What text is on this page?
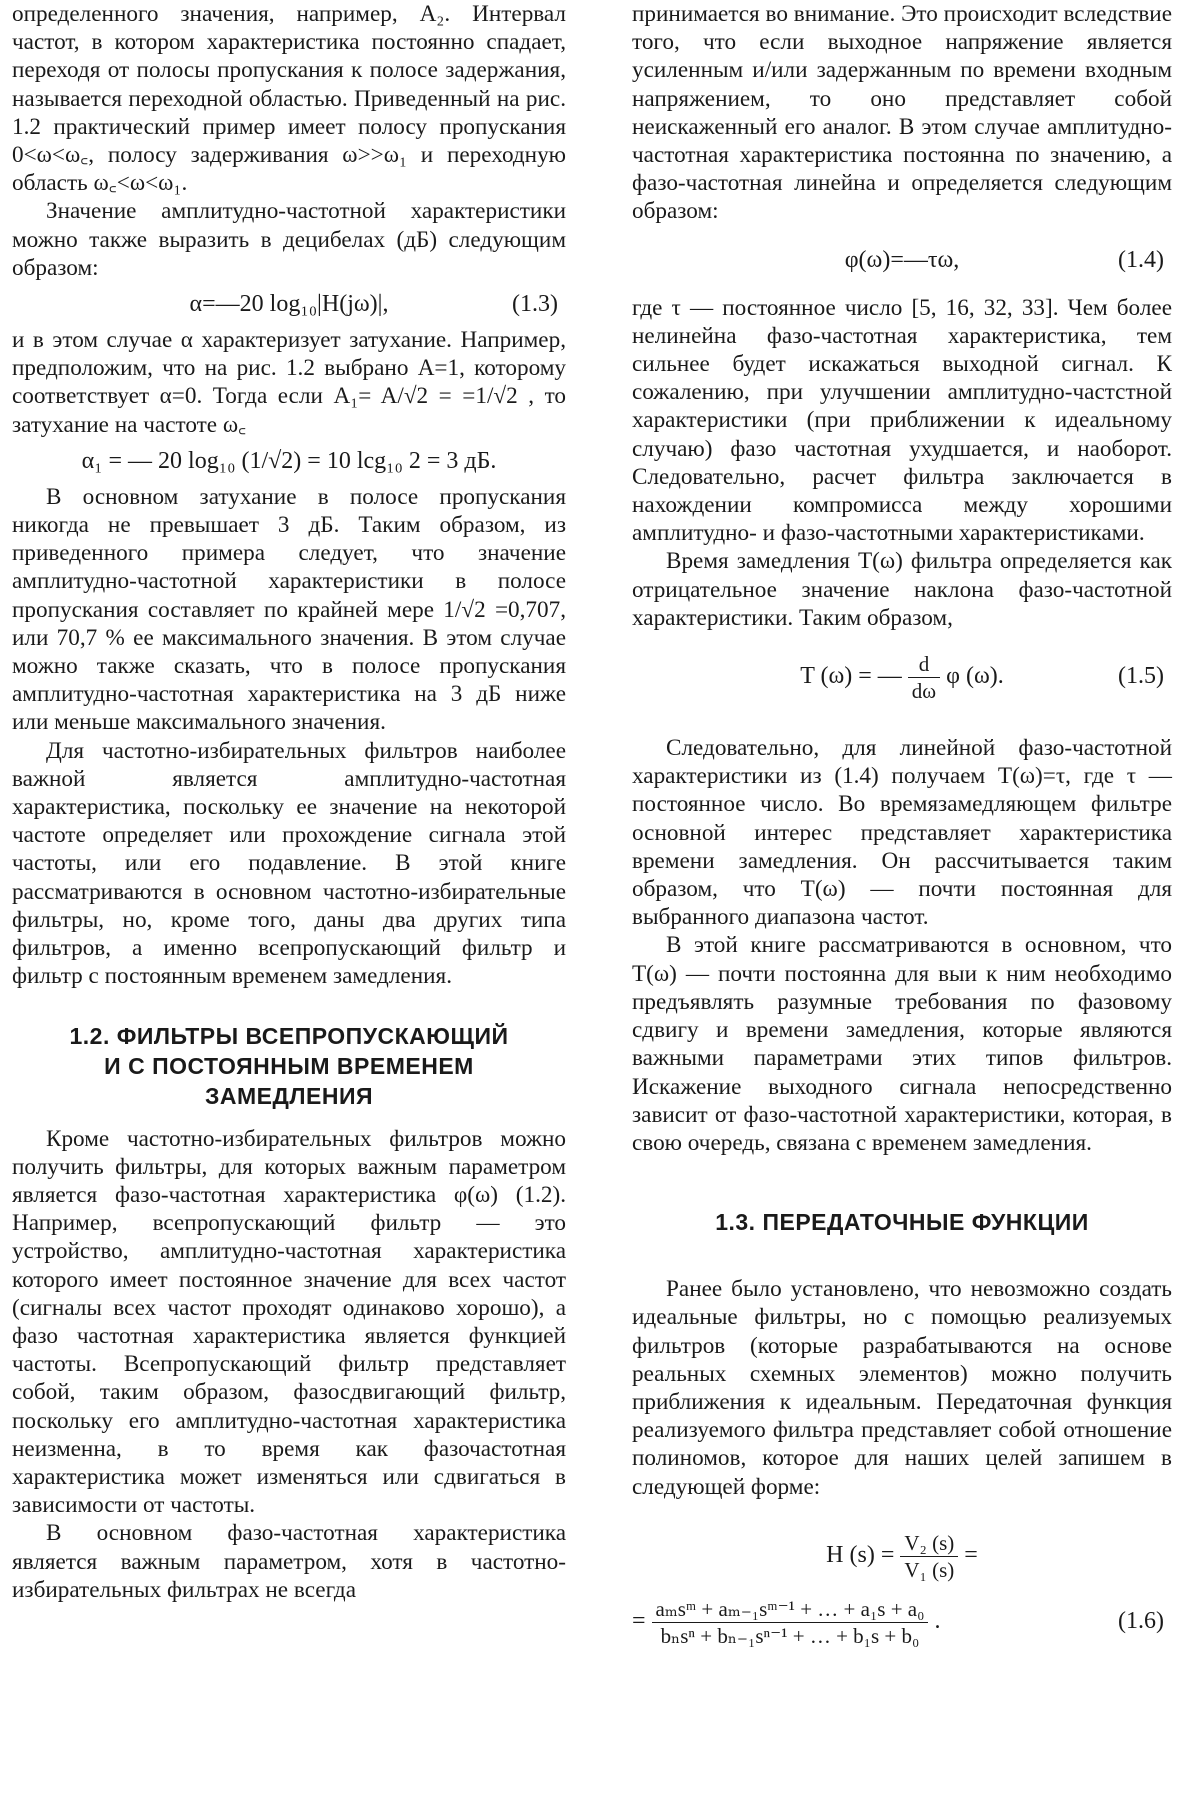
определенного значения, например, A₂. Интервал частот, в котором характеристика постоянно спадает, переходя от полосы пропускания к полосе задержания, называется переходной областью. Приведенный на рис. 1.2 практический пример имеет полосу пропускания 0<ω<ω꜀, полосу задерживания ω>>ω₁ и переходную область ω꜀<ω<ω₁.

Значение амплитудно-частотной характеристики можно также выразить в децибелах (дБ) следующим образом:

α=—20 log₁₀|H(jω)|,	(1.3)

и в этом случае α характеризует затухание. Например, предположим, что на рис. 1.2 выбрано A=1, которому соответствует α=0. Тогда если A₁= A/√2 = =1/√2 , то затухание на частоте ω꜀

α₁ = — 20 log₁₀ (1/√2) = 10 lcg₁₀ 2 = 3 дБ.

В основном затухание в полосе пропускания никогда не превышает 3 дБ. Таким образом, из приведенного примера следует, что значение амплитудно-частотной характеристики в полосе пропускания составляет по крайней мере 1/√2 =0,707, или 70,7 % ее максимального значения. В этом случае можно также сказать, что в полосе пропускания амплитудно-частотная характеристика на 3 дБ ниже или меньше максимального значения.

Для частотно-избирательных фильтров наиболее важной является амплитудно-частотная характеристика, поскольку ее значение на некоторой частоте определяет или прохождение сигнала этой частоты, или его подавление. В этой книге рассматриваются в основном частотно-избирательные фильтры, но, кроме того, даны два других типа фильтров, а именно всепропускающий фильтр и фильтр с постоянным временем замедления.

1.2. ФИЛЬТРЫ ВСЕПРОПУСКАЮЩИЙ
И С ПОСТОЯННЫМ ВРЕМЕНЕМ
ЗАМЕДЛЕНИЯ

Кроме частотно-избирательных фильтров можно получить фильтры, для которых важным параметром является фазо-частотная характеристика φ(ω) (1.2). Например, всепропускающий фильтр — это устройство, амплитудно-частотная характеристика которого имеет постоянное значение для всех частот (сигналы всех частот проходят одинаково хорошо), а фазо частотная характеристика является функцией частоты. Всепропускающий фильтр представляет собой, таким образом, фазосдвигающий фильтр, поскольку его амплитудно-частотная характеристика неизменна, в то время как фазочастотная характеристика может изменяться или сдвигаться в зависимости от частоты.

В основном фазо-частотная характеристика является важным параметром, хотя в частотно-избирательных фильтрах не всегда

принимается во внимание. Это происходит вследствие того, что если выходное напряжение является усиленным и/или задержанным по времени входным напряжением, то оно представляет собой неискаженный его аналог. В этом случае амплитудно-частотная характеристика постоянна по значению, а фазо-частотная линейна и определяется следующим образом:

φ(ω)=—τω,	(1.4)

где τ — постоянное число [5, 16, 32, 33]. Чем более нелинейна фазо-частотная характеристика, тем сильнее будет искажаться выходной сигнал. К сожалению, при улучшении амплитудно-частстной характеристики (при приближении к идеальному случаю) фазо частотная ухудшается, и наоборот. Следовательно, расчет фильтра заключается в нахождении компромисса между хорошими амплитудно- и фазо-частотными характеристиками.

Время замедления T(ω) фильтра определяется как отрицательное значение наклона фазо-частотной характеристики. Таким образом,

T (ω) = — $\frac{d}{d\omega}$ φ (ω).	(1.5)

Следовательно, для линейной фазо-частотной характеристики из (1.4) получаем T(ω)=τ, где τ — постоянное число. Во времязамедляющем фильтре основной интерес представляет характеристика времени замедления. Он рассчитывается таким образом, что T(ω) — почти постоянная для выбранного диапазона частот.

В этой книге рассматриваются в основном, что T(ω) — почти постоянна для выи к ним необходимо предъявлять разумные требования по фазовому сдвигу и времени замедления, которые являются важными параметрами этих типов фильтров. Искажение выходного сигнала непосредственно зависит от фазо-частотной характеристики, которая, в свою очередь, связана с временем замедления.

1.3. ПЕРЕДАТОЧНЫЕ ФУНКЦИИ

Ранее было установлено, что невозможно создать идеальные фильтры, но с помощью реализуемых фильтров (которые разрабатываются на основе реальных схемных элементов) можно получить приближения к идеальным. Передаточная функция реализуемого фильтра представляет собой отношение полиномов, которое для наших целей запишем в следующей форме:

H $(s) = \frac{\text{V₂ (s)}}{\text{V₁ (s)}}$ =
= $\frac{\text{aₘsᵐ + aₘ₋₁sᵐ⁻¹ + … + a₁s + a₀}}{\text{bₙsⁿ + bₙ₋₁sⁿ⁻¹ + … + b₁s + b₀}}$ .	(1.6)
